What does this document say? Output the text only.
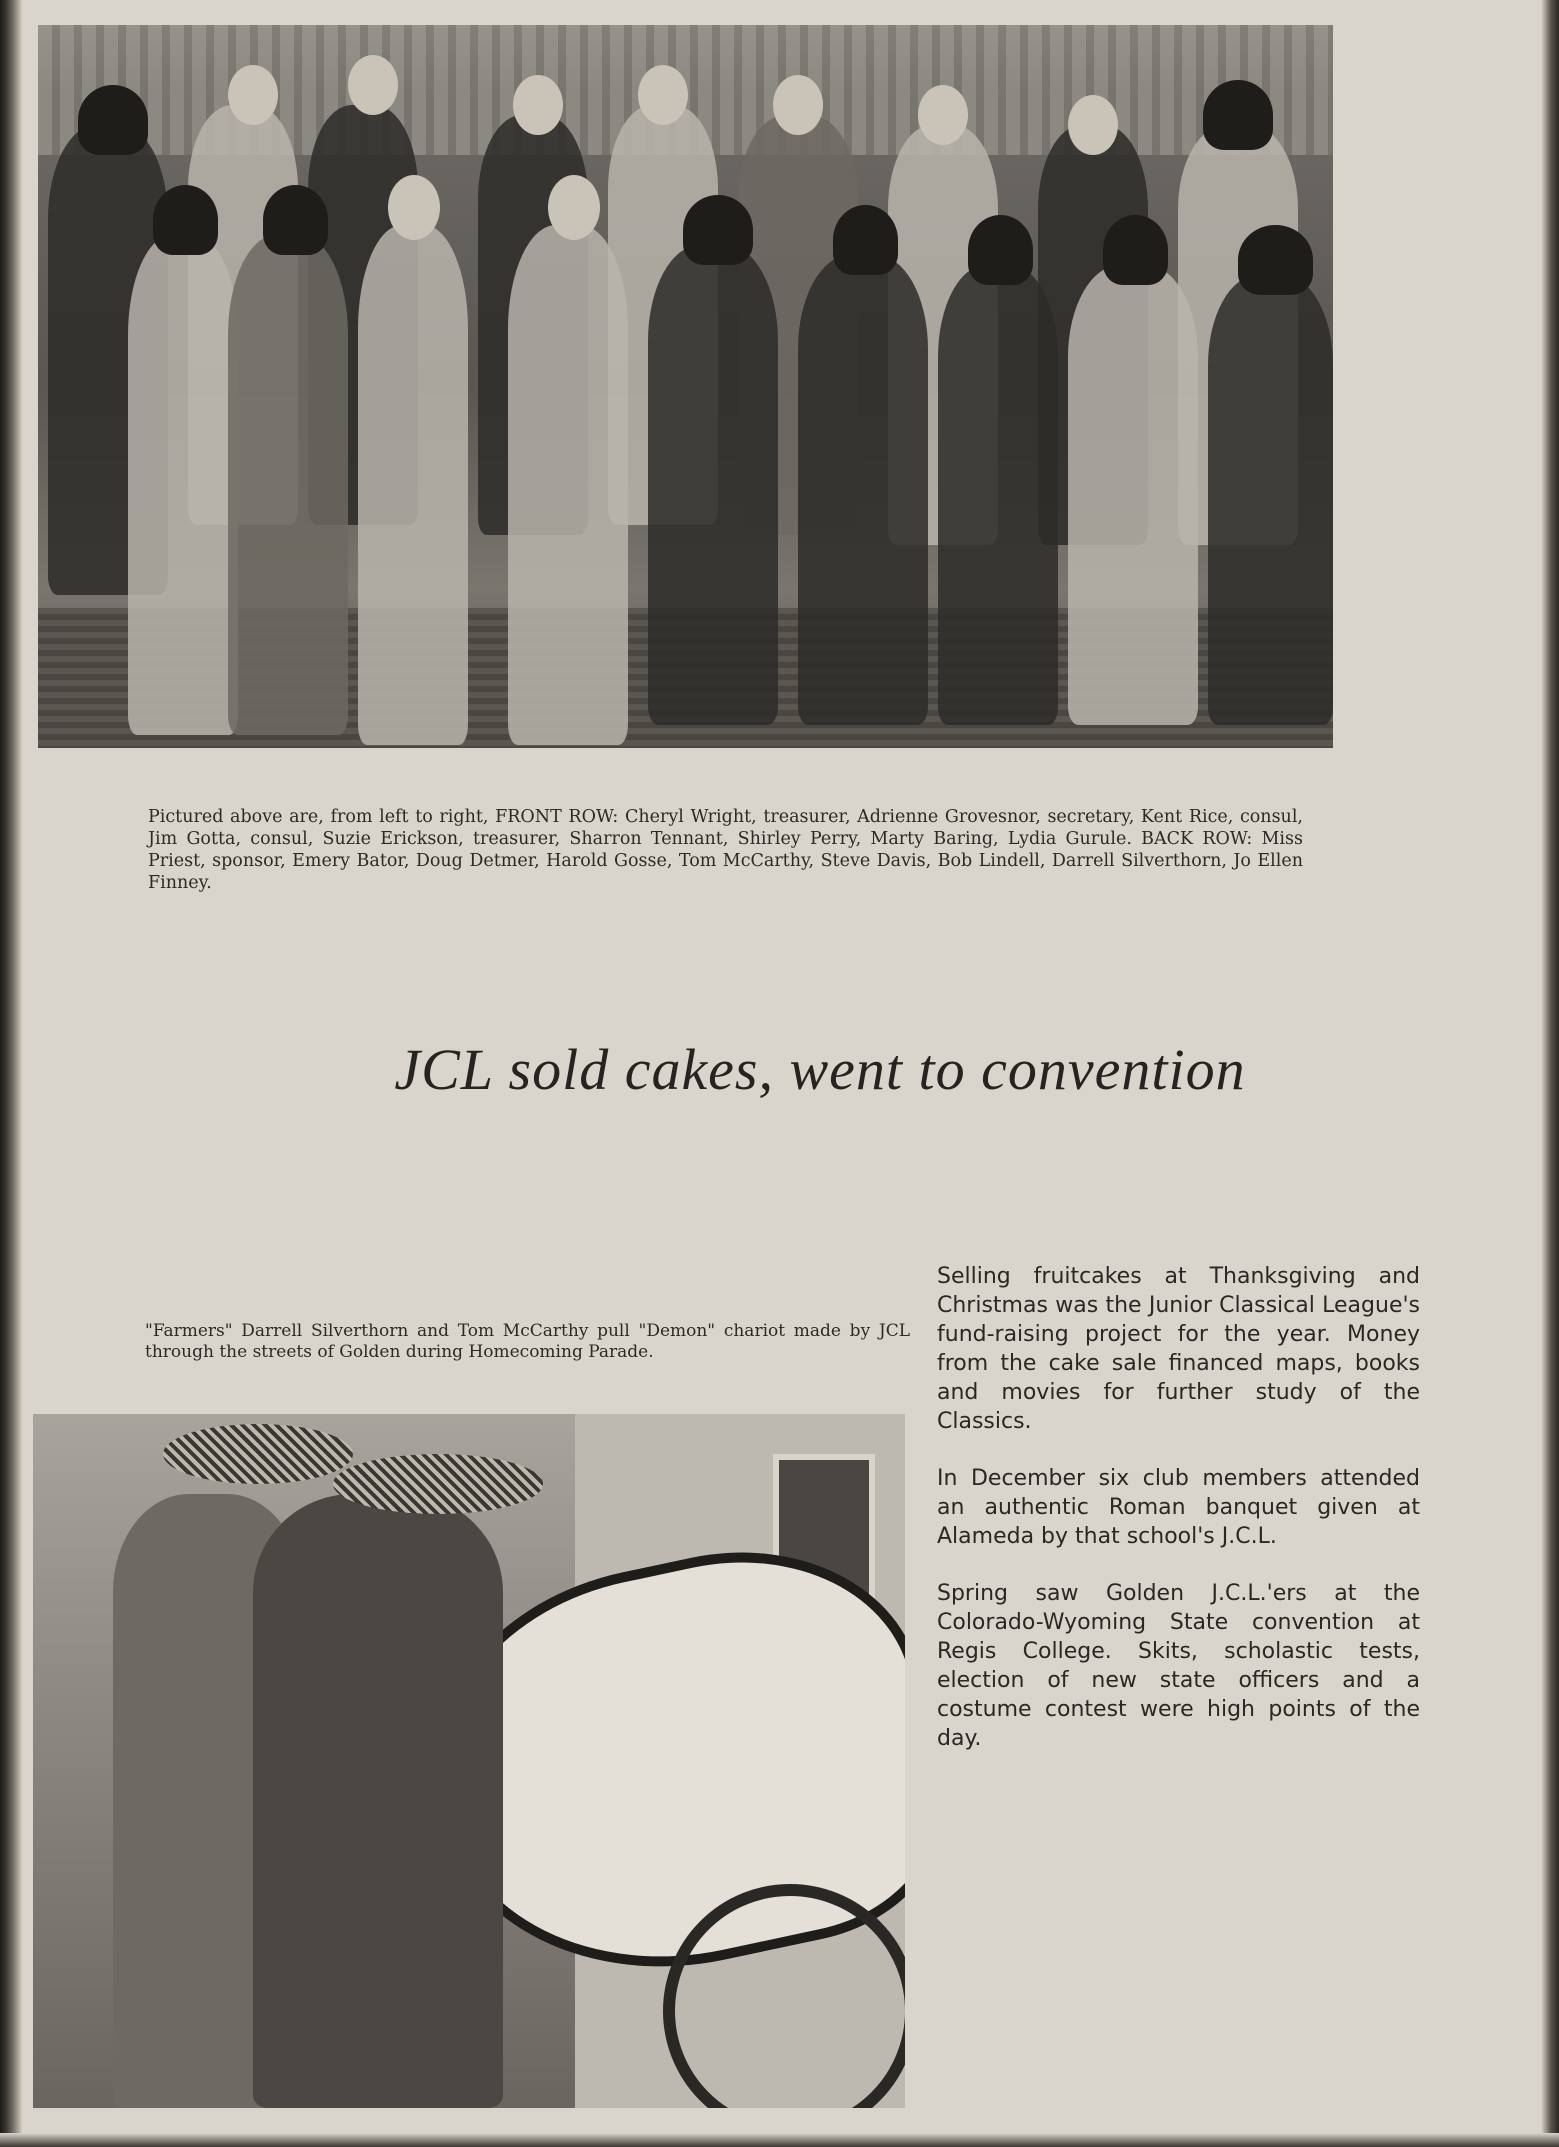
Pictured above are, from left to right, FRONT ROW: Cheryl Wright, treasurer, Adrienne Grovesnor, secretary, Kent Rice, consul, Jim Gotta, consul, Suzie Erickson, treasurer, Sharron Tennant, Shirley Perry, Marty Baring, Lydia Gurule. BACK ROW: Miss Priest, sponsor, Emery Bator, Doug Detmer, Harold Gosse, Tom McCarthy, Steve Davis, Bob Lindell, Darrell Silverthorn, Jo Ellen Finney.
JCL sold cakes, went to convention
"Farmers" Darrell Silverthorn and Tom McCarthy pull "Demon" chariot made by JCL through the streets of Golden during Homecoming Parade.

Selling fruitcakes at Thanksgiving and Christmas was the Junior Classical League's fund-raising project for the year. Money from the cake sale financed maps, books and movies for further study of the Classics.

In December six club members attended an authentic Roman banquet given at Alameda by that school's J.C.L.

Spring saw Golden J.C.L.'ers at the Colorado-Wyoming State convention at Regis College. Skits, scholastic tests, election of new state officers and a costume contest were high points of the day.
